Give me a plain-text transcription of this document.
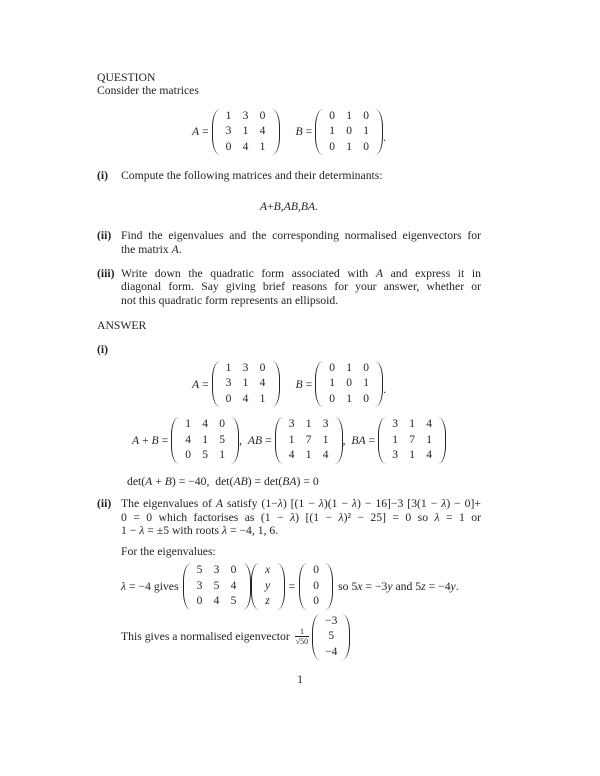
QUESTION
Consider the matrices
A =
1 3 0
3 1 4
0 4 1
B =
0 1 0
1 0 1
0 1 0
.
(i)	Compute the following matrices and their determinants:
A + B , AB , BA .
(ii) Find the eigenvalues and the corresponding normalised eigenvectors for
the matrix A.
(iii) Write down the quadratic form associated with A and express it in
diagonal form. Say giving brief reasons for your answer, whether or
not this quadratic form represents an ellipsoid.
ANSWER
(i)
A =
1 3 0
3 1 4
0 4 1
B =
0 1 0
1 0 1
0 1 0
.
A + B =
1 4 0
4 1 5
0 5 1
,  AB =
3 1 3
1 7 1
4 1 4
,  BA =
3 1 4
1 7 1
3 1 4
det(A + B) = −40,  det(AB) = det(BA) = 0
(ii) The eigenvalues of A satisfy (1−λ) [(1 − λ)(1 − λ) − 16]−3 [3(1 − λ) − 0]+
0 = 0 which factorises as (1 − λ) [(1 − λ)² − 25] = 0 so λ = 1 or
1 − λ = ±5 with roots λ = −4, 1, 6.
For the eigenvalues:
λ = −4 gives
5 3 0
3 5 4
0 4 5
x
y
z
=
0
0
0
so 5x = −3y and 5z = −4y.
This gives a normalised eigenvector $\frac{1}{√50}$
−3
5
−4
1
